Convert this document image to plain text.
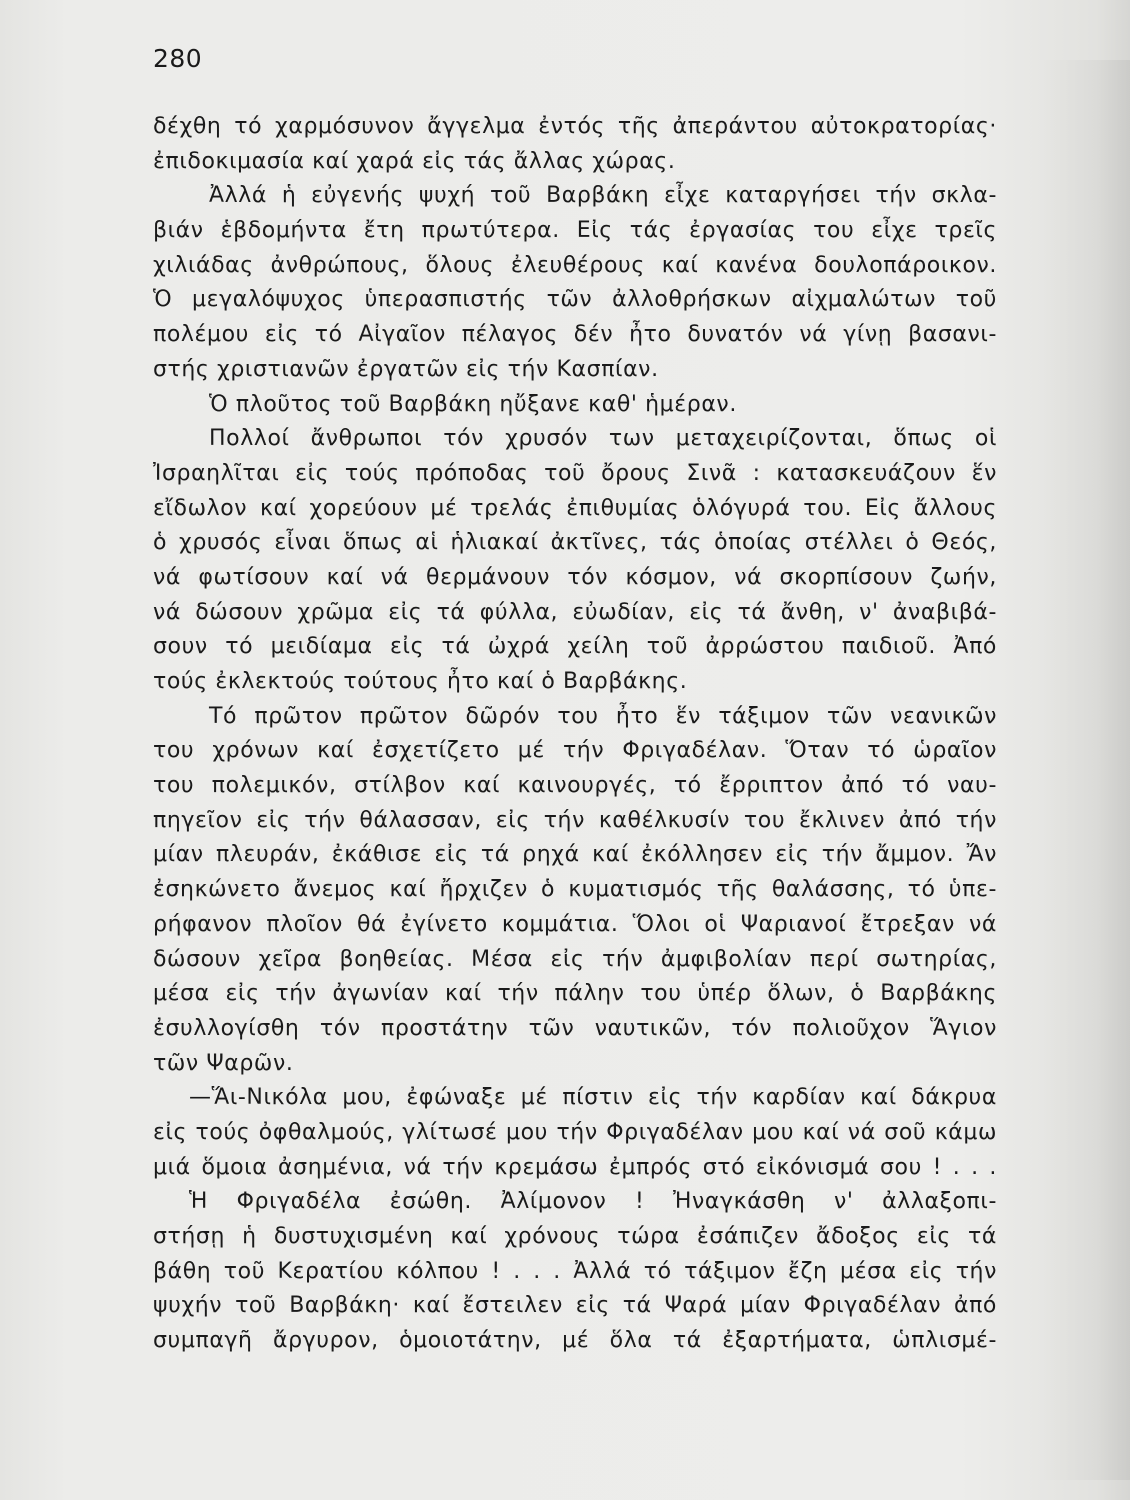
280
δέχθη τό χαρμόσυνον ἄγγελμα ἐντός τῆς ἀπεράντου αὐτοκρατορίας·
ἐπιδοκιμασία καί χαρά εἰς τάς ἄλλας χώρας.
Ἀλλά ἡ εὐγενής ψυχή τοῦ Βαρβάκη εἶχε καταργήσει τήν σκλα-
βιάν ἑβδομήντα ἔτη πρωτύτερα. Εἰς τάς ἐργασίας του εἶχε τρεῖς
χιλιάδας ἀνθρώπους, ὅλους ἐλευθέρους καί κανένα δουλοπάροικον.
Ὁ μεγαλόψυχος ὑπερασπιστής τῶν ἀλλοθρήσκων αἰχμαλώτων τοῦ
πολέμου εἰς τό Αἰγαῖον πέλαγος δέν ἦτο δυνατόν νά γίνῃ βασανι-
στής χριστιανῶν ἐργατῶν εἰς τήν Κασπίαν.
Ὁ πλοῦτος τοῦ Βαρβάκη ηὔξανε καθ' ἡμέραν.
Πολλοί ἄνθρωποι τόν χρυσόν των μεταχειρίζονται, ὅπως οἱ
Ἰσραηλῖται εἰς τούς πρόποδας τοῦ ὄρους Σινᾶ : κατασκευάζουν ἕν
εἴδωλον καί χορεύουν μέ τρελάς ἐπιθυμίας ὁλόγυρά του. Εἰς ἄλλους
ὁ χρυσός εἶναι ὅπως αἱ ἡλιακαί ἀκτῖνες, τάς ὁποίας στέλλει ὁ Θεός,
νά φωτίσουν καί νά θερμάνουν τόν κόσμον, νά σκορπίσουν ζωήν,
νά δώσουν χρῶμα εἰς τά φύλλα, εὐωδίαν, εἰς τά ἄνθη, ν' ἀναβιβά-
σουν τό μειδίαμα εἰς τά ὠχρά χείλη τοῦ ἀρρώστου παιδιοῦ. Ἀπό
τούς ἐκλεκτούς τούτους ἦτο καί ὁ Βαρβάκης.
Τό πρῶτον πρῶτον δῶρόν του ἦτο ἕν τάξιμον τῶν νεανικῶν
του χρόνων καί ἐσχετίζετο μέ τήν Φριγαδέλαν. Ὅταν τό ὡραῖον
του πολεμικόν, στίλβον καί καινουργές, τό ἔρριπτον ἀπό τό ναυ-
πηγεῖον εἰς τήν θάλασσαν, εἰς τήν καθέλκυσίν του ἔκλινεν ἀπό τήν
μίαν πλευράν, ἐκάθισε εἰς τά ρηχά καί ἐκόλλησεν εἰς τήν ἄμμον. Ἄν
ἐσηκώνετο ἄνεμος καί ἤρχιζεν ὁ κυματισμός τῆς θαλάσσης, τό ὑπε-
ρήφανον πλοῖον θά ἐγίνετο κομμάτια. Ὅλοι οἱ Ψαριανοί ἔτρεξαν νά
δώσουν χεῖρα βοηθείας. Μέσα εἰς τήν ἀμφιβολίαν περί σωτηρίας,
μέσα εἰς τήν ἀγωνίαν καί τήν πάλην του ὑπέρ ὅλων, ὁ Βαρβάκης
ἐσυλλογίσθη τόν προστάτην τῶν ναυτικῶν, τόν πολιοῦχον Ἅγιον
τῶν Ψαρῶν.
—Ἅι-Νικόλα μου, ἐφώναξε μέ πίστιν εἰς τήν καρδίαν καί δάκρυα
εἰς τούς ὀφθαλμούς, γλίτωσέ μου τήν Φριγαδέλαν μου καί νά σοῦ κάμω
μιά ὅμοια ἀσημένια, νά τήν κρεμάσω ἐμπρός στό εἰκόνισμά σου ! . . .
Ἡ Φριγαδέλα ἐσώθη. Ἀλίμονον ! Ἠναγκάσθη ν' ἀλλαξοπι-
στήσῃ ἡ δυστυχισμένη καί χρόνους τώρα ἐσάπιζεν ἄδοξος εἰς τά
βάθη τοῦ Κερατίου κόλπου ! . . . Ἀλλά τό τάξιμον ἔζη μέσα εἰς τήν
ψυχήν τοῦ Βαρβάκη· καί ἔστειλεν εἰς τά Ψαρά μίαν Φριγαδέλαν ἀπό
συμπαγῆ ἄργυρον, ὁμοιοτάτην, μέ ὅλα τά ἐξαρτήματα, ὡπλισμέ-
